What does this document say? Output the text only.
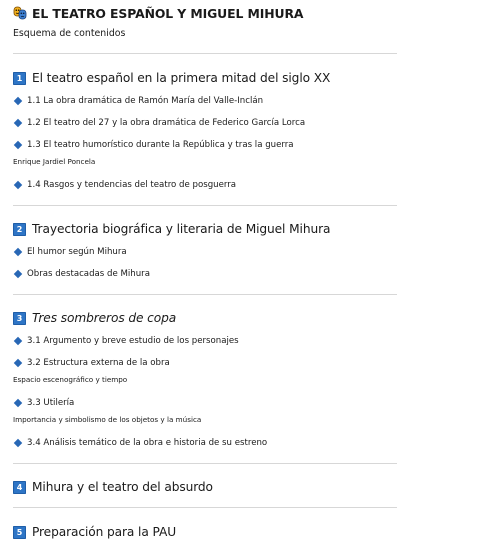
EL TEATRO ESPAÑOL Y MIGUEL MIHURA
Esquema de contenidos
1 El teatro español en la primera mitad del siglo XX
1.1 La obra dramática de Ramón María del Valle-Inclán
1.2 El teatro del 27 y la obra dramática de Federico García Lorca
1.3 El teatro humorístico durante la República y tras la guerra
Enrique Jardiel Poncela
1.4 Rasgos y tendencias del teatro de posguerra
2 Trayectoria biográfica y literaria de Miguel Mihura
El humor según Mihura
Obras destacadas de Mihura
3 Tres sombreros de copa
3.1 Argumento y breve estudio de los personajes
3.2 Estructura externa de la obra
Espacio escenográfico y tiempo
3.3 Utilería
Importancia y simbolismo de los objetos y la música
3.4 Análisis temático de la obra e historia de su estreno
4 Mihura y el teatro del absurdo
5 Preparación para la PAU
